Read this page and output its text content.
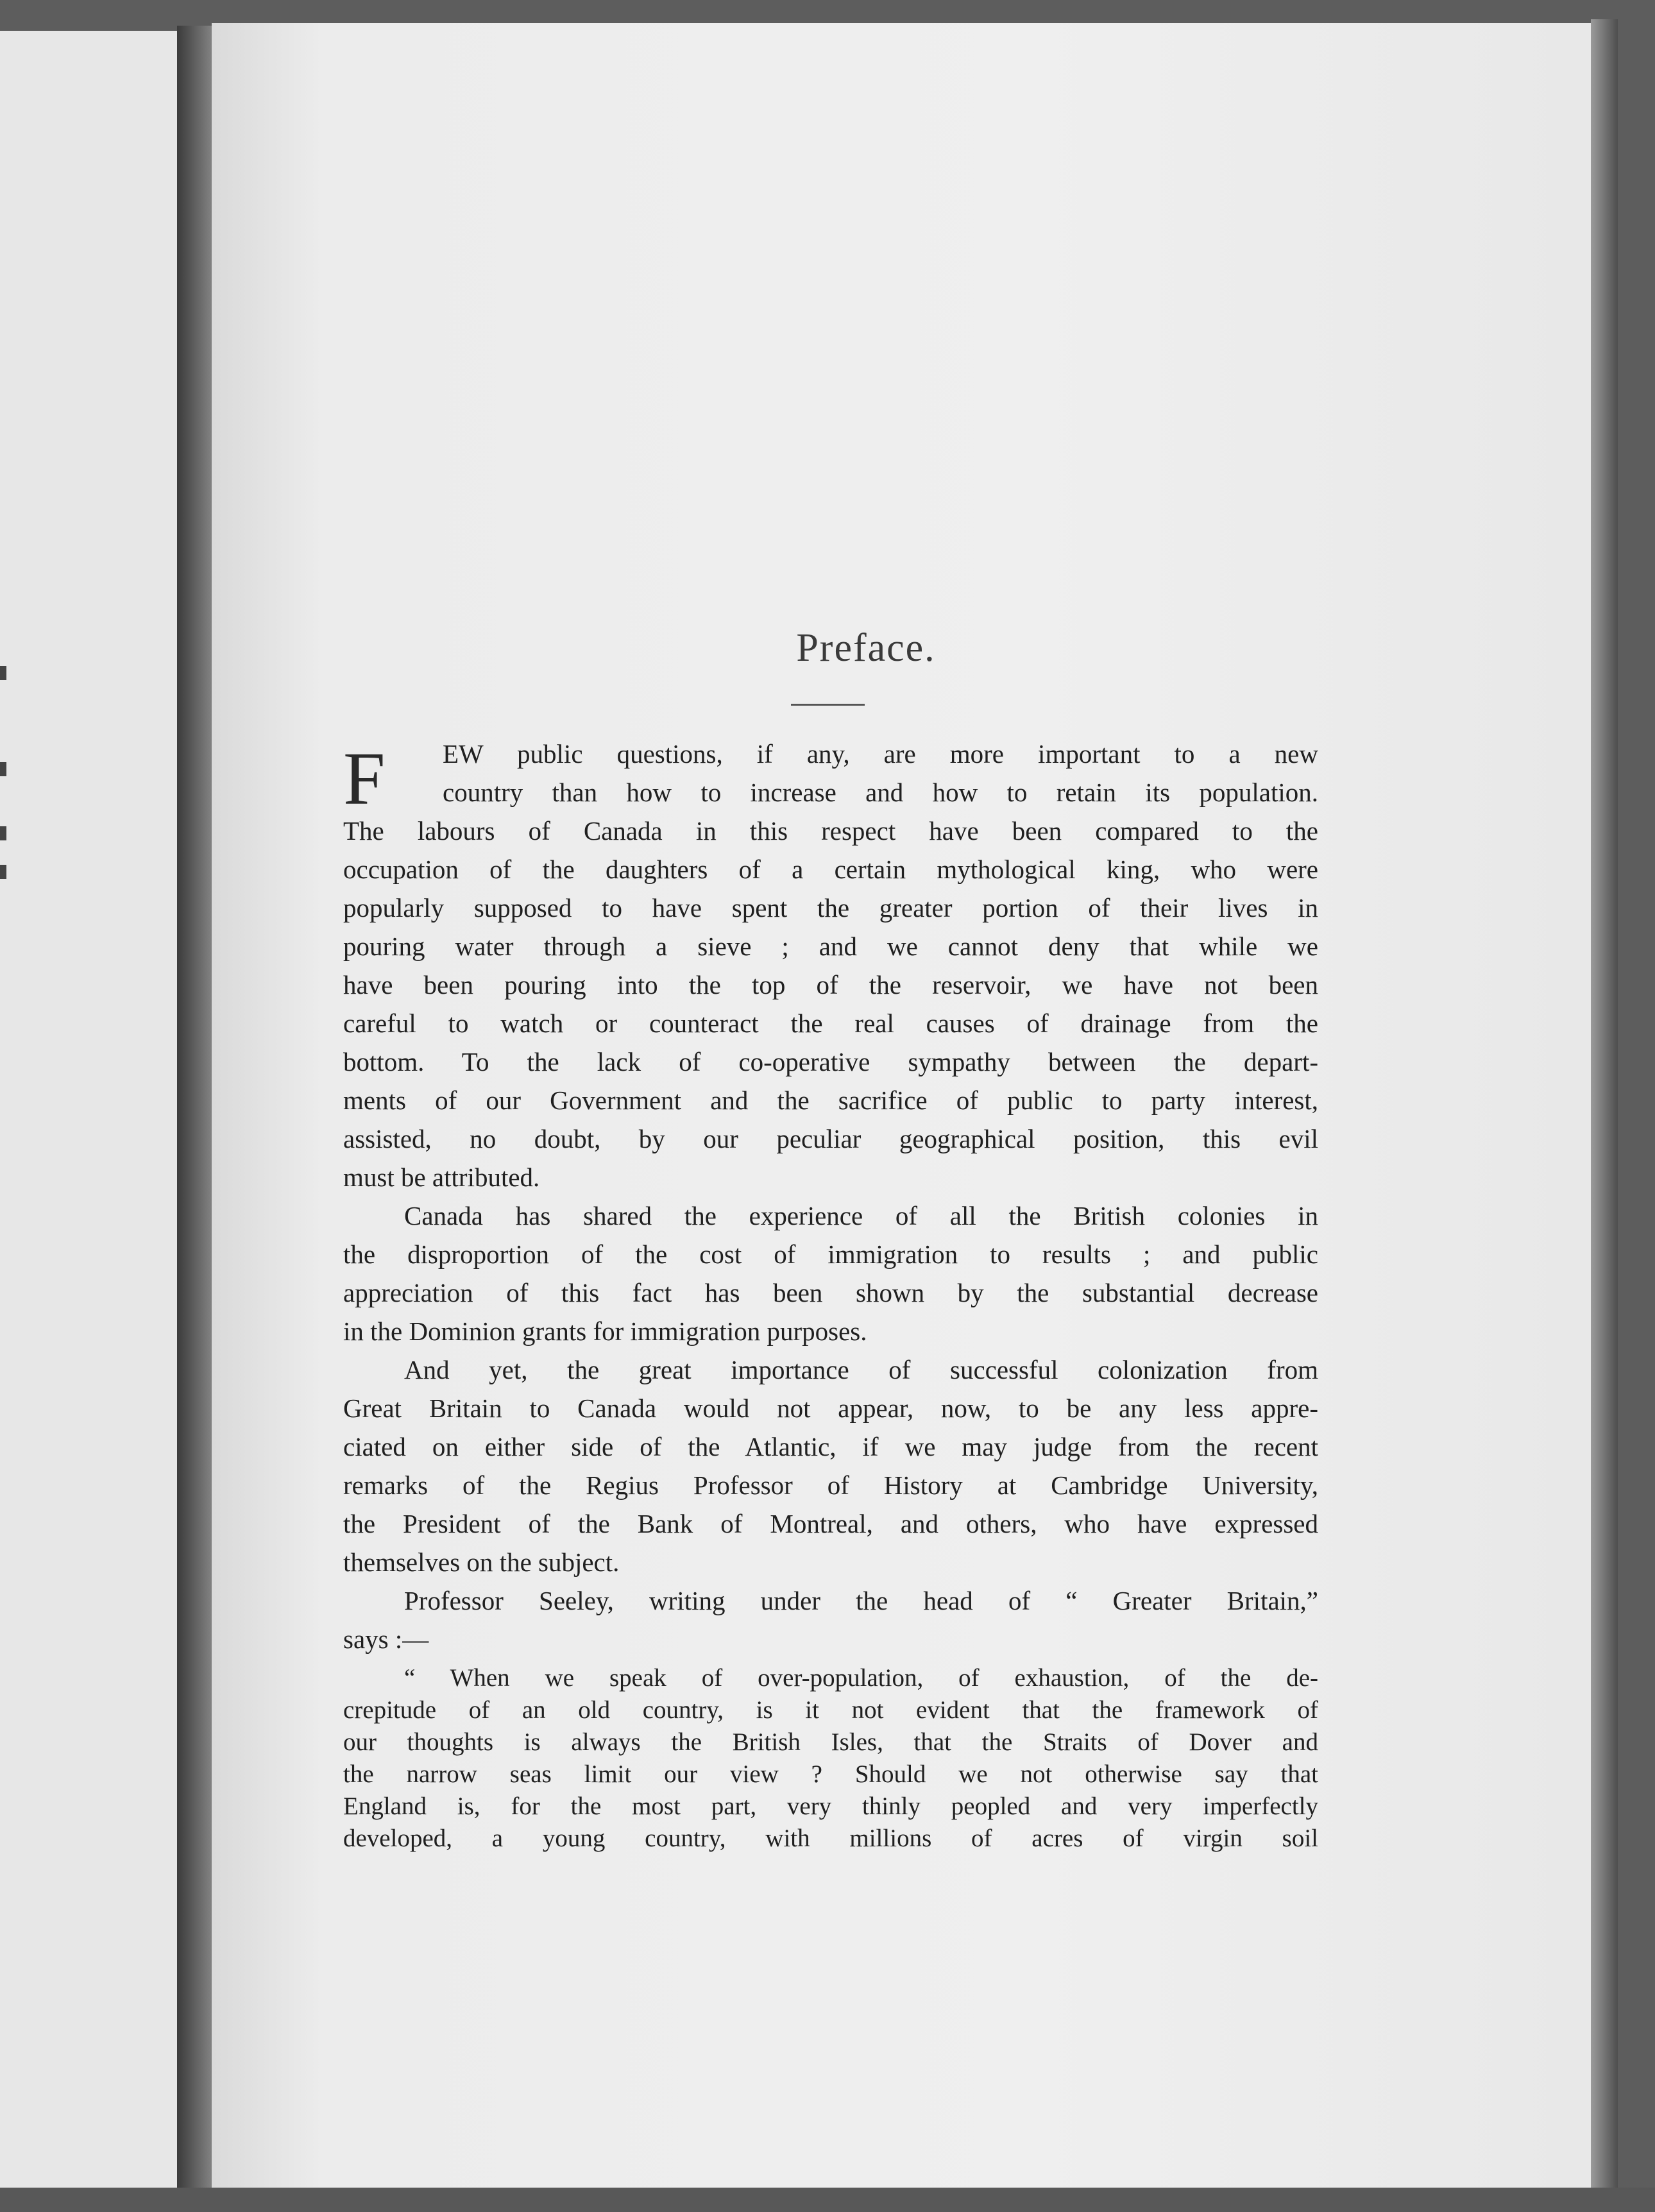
Preface.
F	EW public questions, if any, are more important to a new
country than how to increase and how to retain its population.
The labours of Canada in this respect have been compared to the
occupation of the daughters of a certain mythological king, who were
popularly supposed to have spent the greater portion of their lives in
pouring water through a sieve ; and we cannot deny that while we
have been pouring into the top of the reservoir, we have not been
careful to watch or counteract the real causes of drainage from the
bottom. To the lack of co-operative sympathy between the depart-
ments of our Government and the sacrifice of public to party interest,
assisted, no doubt, by our peculiar geographical position, this evil
must be attributed.
Canada has shared the experience of all the British colonies in
the disproportion of the cost of immigration to results ; and public
appreciation of this fact has been shown by the substantial decrease
in the Dominion grants for immigration purposes.
And yet, the great importance of successful colonization from
Great Britain to Canada would not appear, now, to be any less appre-
ciated on either side of the Atlantic, if we may judge from the recent
remarks of the Regius Professor of History at Cambridge University,
the President of the Bank of Montreal, and others, who have expressed
themselves on the subject.
Professor Seeley, writing under the head of “ Greater Britain,”
says :—
“ When we speak of over-population, of exhaustion, of the de-
crepitude of an old country, is it not evident that the framework of
our thoughts is always the British Isles, that the Straits of Dover and
the narrow seas limit our view ? Should we not otherwise say that
England is, for the most part, very thinly peopled and very imperfectly
developed, a young country, with millions of acres of virgin soil
